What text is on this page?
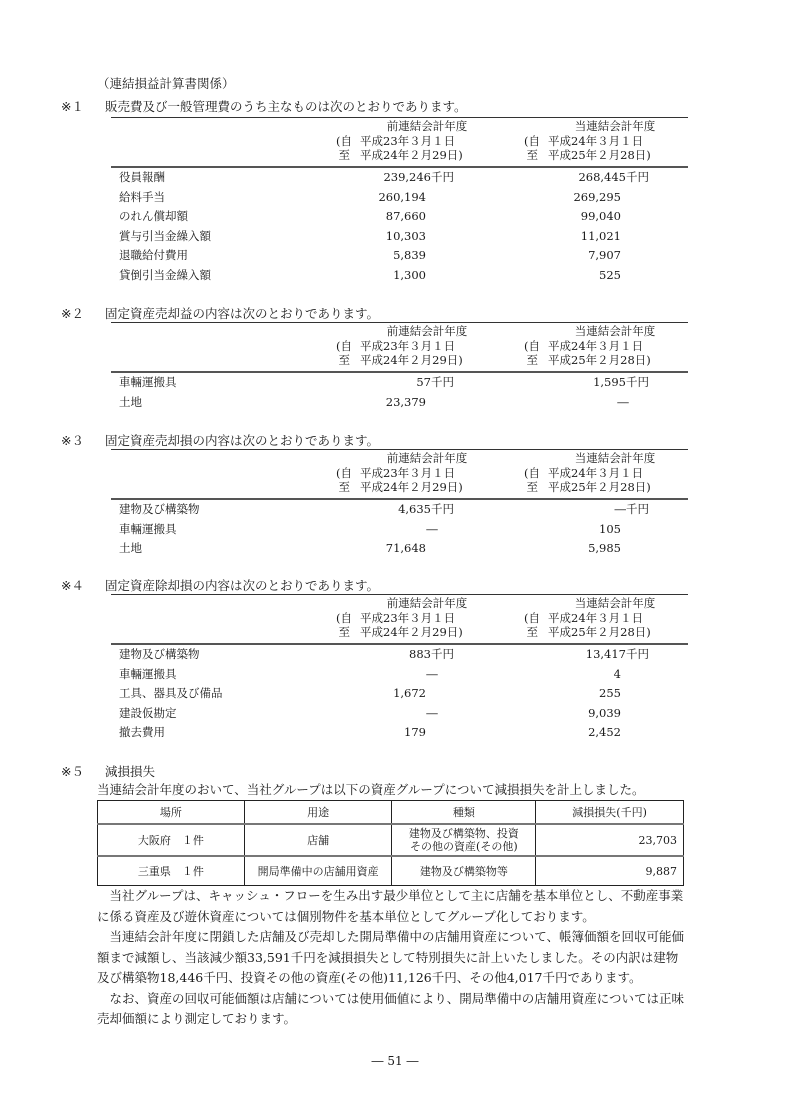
（連結損益計算書関係）
※１ 販売費及び一般管理費のうち主なものは次のとおりであります。
前連結会計年度
(自 平成23年３月１日
至 平成24年２月29日)
当連結会計年度
(自 平成24年３月１日
至 平成25年２月28日)
役員報酬	239,246千円	268,445千円
給料手当	260,194	269,295
のれん償却額	87,660	99,040
賞与引当金繰入額	10,303	11,021
退職給付費用	5,839	7,907
貸倒引当金繰入額	1,300	525
※２ 固定資産売却益の内容は次のとおりであります。
前連結会計年度
(自 平成23年３月１日
至 平成24年２月29日)
当連結会計年度
(自 平成24年３月１日
至 平成25年２月28日)
車輛運搬具	57千円	1,595千円
土地	23,379	―
※３ 固定資産売却損の内容は次のとおりであります。
前連結会計年度
(自 平成23年３月１日
至 平成24年２月29日)
当連結会計年度
(自 平成24年３月１日
至 平成25年２月28日)
建物及び構築物	4,635千円	―千円
車輛運搬具	―	105
土地	71,648	5,985
※４ 固定資産除却損の内容は次のとおりであります。
前連結会計年度
(自 平成23年３月１日
至 平成24年２月29日)
当連結会計年度
(自 平成24年３月１日
至 平成25年２月28日)
建物及び構築物	883千円	13,417千円
車輛運搬具	―	4
工具、器具及び備品	1,672	255
建設仮勘定	―	9,039
撤去費用	179	2,452
※５ 減損損失
当連結会計年度のおいて、当社グループは以下の資産グループについて減損損失を計上しました。
場所	用途	種類	減損損失(千円)
大阪府　１件	店舗	建物及び構築物、投資
その他の資産(その他)	23,703
三重県　１件	開局準備中の店舗用資産	建物及び構築物等	9,887

当社グループは、キャッシュ・フローを生み出す最少単位として主に店舗を基本単位とし、不動産事業に係る資産及び遊休資産については個別物件を基本単位としてグループ化しております。

当連結会計年度に閉鎖した店舗及び売却した開局準備中の店舗用資産について、帳簿価額を回収可能価額まで減額し、当該減少額33,591千円を減損損失として特別損失に計上いたしました。その内訳は建物及び構築物18,446千円、投資その他の資産(その他)11,126千円、その他4,017千円であります。

なお、資産の回収可能価額は店舗については使用価値により、開局準備中の店舗用資産については正味売却価額により測定しております。

― 51 ―
